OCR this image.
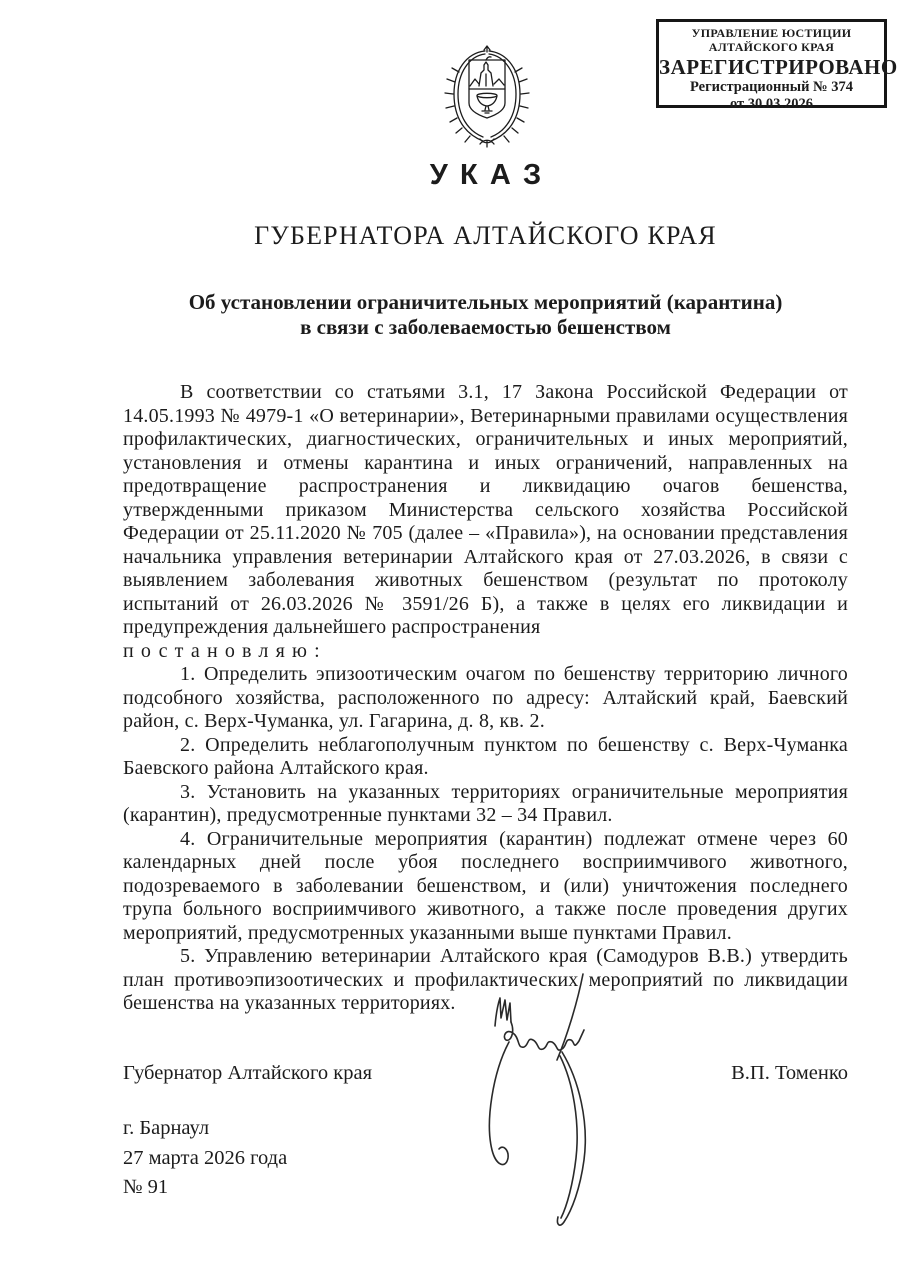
УПРАВЛЕНИЕ ЮСТИЦИИ
АЛТАЙСКОГО КРАЯ
ЗАРЕГИСТРИРОВАНО
Регистрационный № 374
от 30.03.2026
УКАЗ
ГУБЕРНАТОРА АЛТАЙСКОГО КРАЯ
Об установлении ограничительных мероприятий (карантина)
в связи с заболеваемостью бешенством

В соответствии со статьями 3.1, 17 Закона Российской Федерации от 14.05.1993 № 4979-1 «О ветеринарии», Ветеринарными правилами осуществления профилактических, диагностических, ограничительных и иных мероприятий, установления и отмены карантина и иных ограничений, направленных на предотвращение распространения и ликвидацию очагов бешенства, утвержденными приказом Министерства сельского хозяйства Российской Федерации от 25.11.2020 № 705 (далее – «Правила»), на основании представления начальника управления ветеринарии Алтайского края от 27.03.2026, в связи с выявлением заболевания животных бешенством (результат по протоколу испытаний от 26.03.2026 № 3591/26 Б), а также в целях его ликвидации и предупреждения дальнейшего распространения

постановляю:

1. Определить эпизоотическим очагом по бешенству территорию личного подсобного хозяйства, расположенного по адресу: Алтайский край, Баевский район, с. Верх-Чуманка, ул. Гагарина, д. 8, кв. 2.

2. Определить неблагополучным пунктом по бешенству с. Верх-Чуманка Баевского района Алтайского края.

3. Установить на указанных территориях ограничительные мероприятия (карантин), предусмотренные пунктами 32 – 34 Правил.

4. Ограничительные мероприятия (карантин) подлежат отмене через 60 календарных дней после убоя последнего восприимчивого животного, подозреваемого в заболевании бешенством, и (или) уничтожения последнего трупа больного восприимчивого животного, а также после проведения других мероприятий, предусмотренных указанными выше пунктами Правил.

5. Управлению ветеринарии Алтайского края (Самодуров В.В.) утвердить план противоэпизоотических и профилактических мероприятий по ликвидации бешенства на указанных территориях.

Губернатор Алтайского края	В.П. Томенко
г. Барнаул
27 марта 2026 года
№ 91
